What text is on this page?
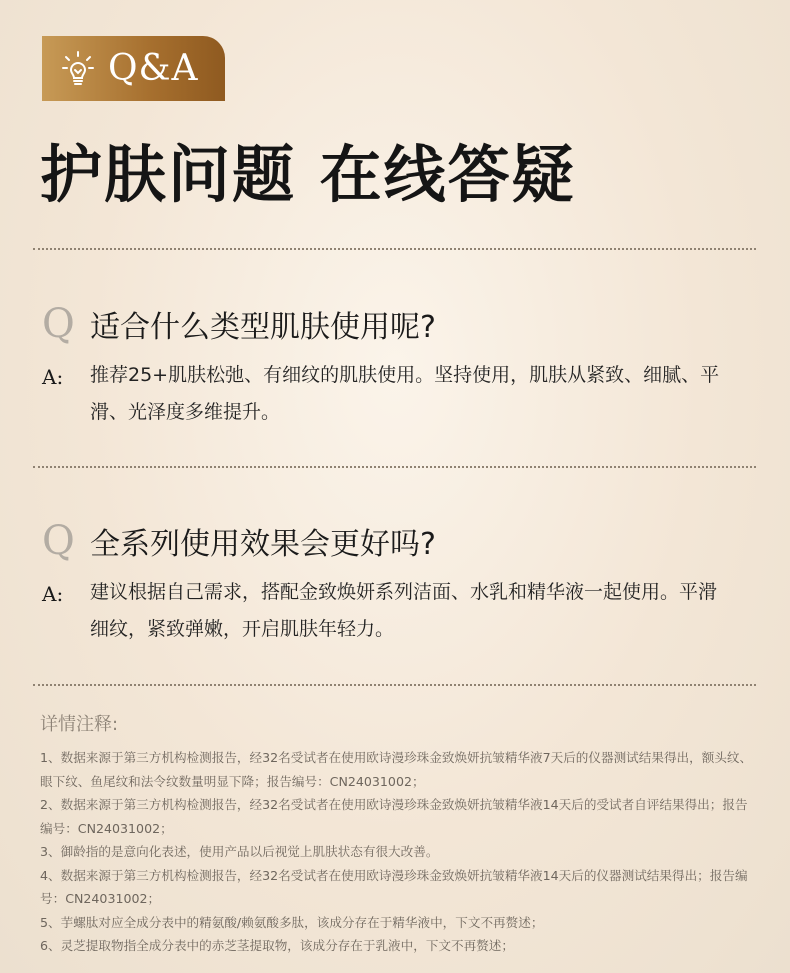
Q&A
护肤问题 在线答疑
Q 适合什么类型肌肤使用呢?
A:	推荐25+肌肤松弛、有细纹的肌肤使用。坚持使用，肌肤从紧致、细腻、平滑、光泽度多维提升。
Q 全系列使用效果会更好吗?
A:	建议根据自己需求，搭配金致焕妍系列洁面、水乳和精华液一起使用。平滑细纹，紧致弹嫩，开启肌肤年轻力。
详情注释:
1、数据来源于第三方机构检测报告，经32名受试者在使用欧诗漫珍珠金致焕妍抗皱精华液7天后的仪器测试结果得出，额头纹、眼下纹、鱼尾纹和法令纹数量明显下降；报告编号：CN24031002；
2、数据来源于第三方机构检测报告，经32名受试者在使用欧诗漫珍珠金致焕妍抗皱精华液14天后的受试者自评结果得出；报告编号：CN24031002；
3、御龄指的是意向化表述，使用产品以后视觉上肌肤状态有很大改善。
4、数据来源于第三方机构检测报告，经32名受试者在使用欧诗漫珍珠金致焕妍抗皱精华液14天后的仪器测试结果得出；报告编号：CN24031002；
5、芋螺肽对应全成分表中的精氨酸/赖氨酸多肽，该成分存在于精华液中，下文不再赘述；
6、灵芝提取物指全成分表中的赤芝茎提取物，该成分存在于乳液中，下文不再赘述；
